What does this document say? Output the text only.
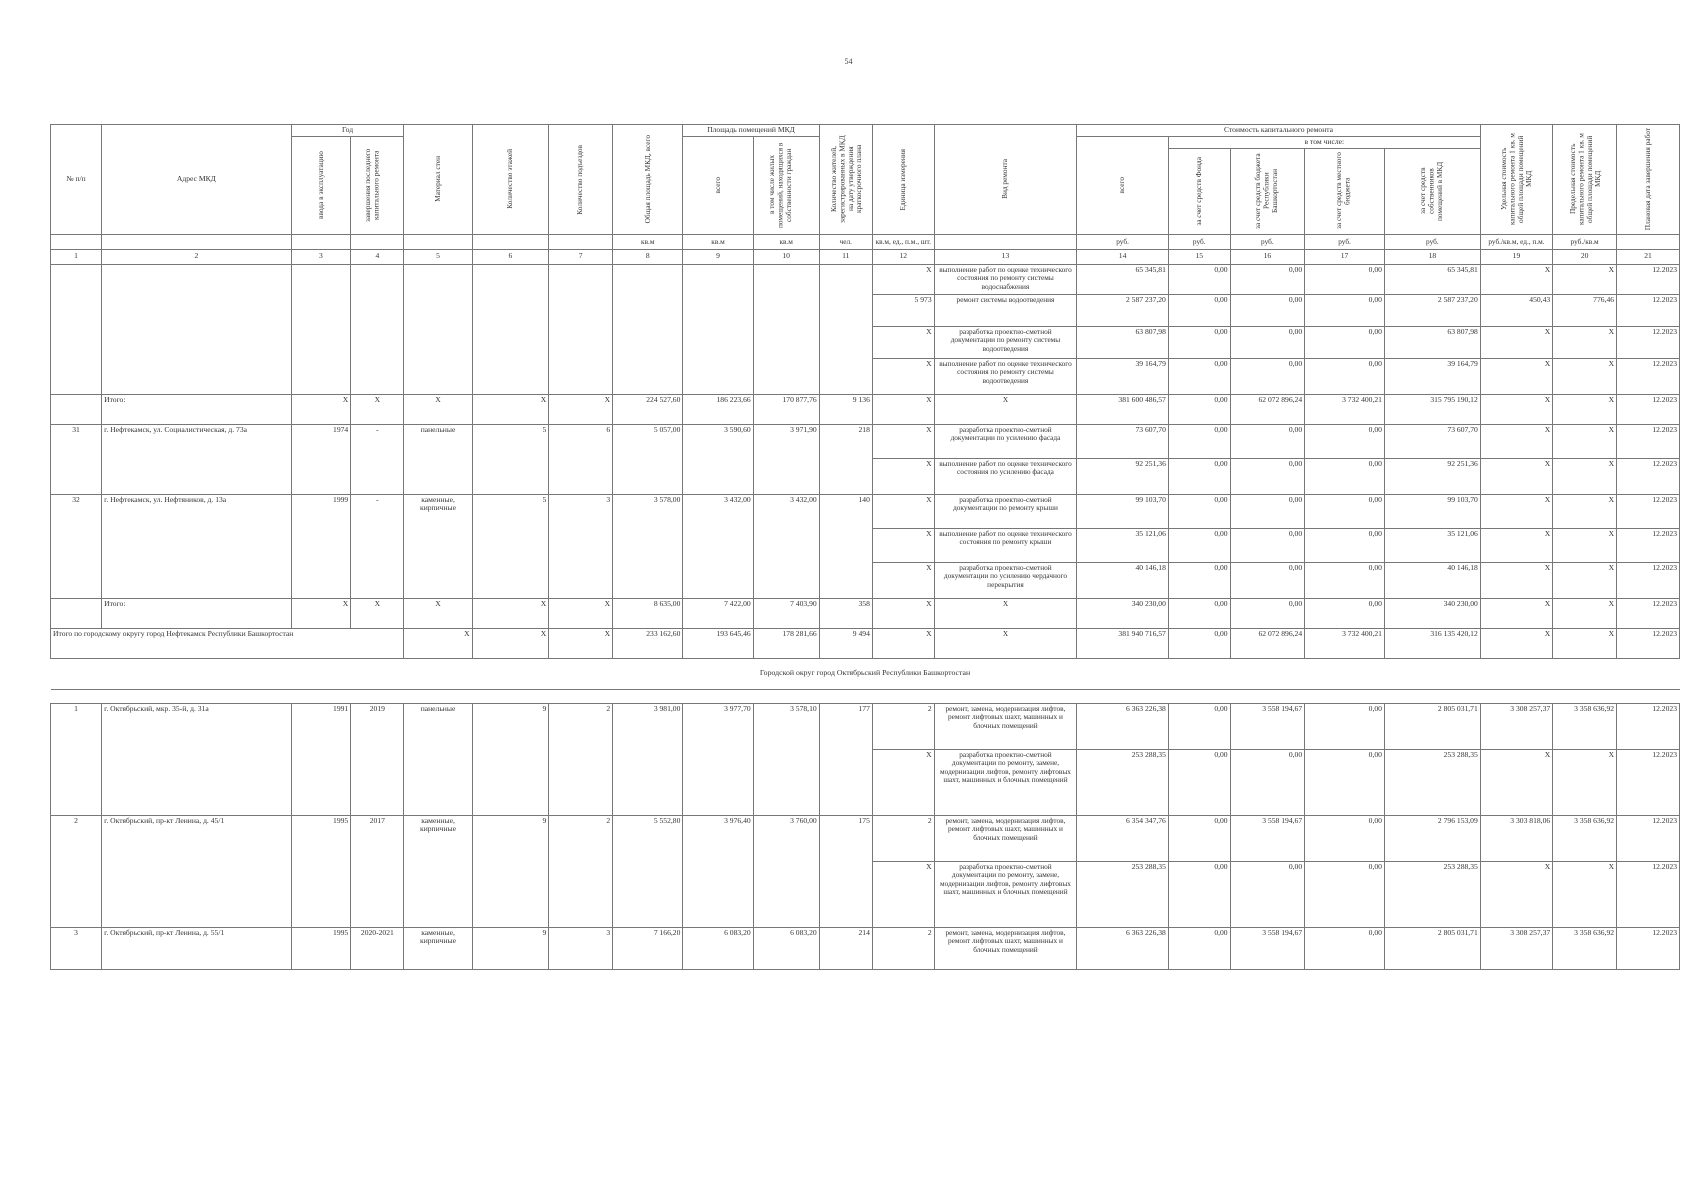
54
№ п/п	Адрес МКД	Год		Материал стен	Количество этажей	Количество подъездов	Общая площадь МКД, всего	Площадь помещений МКД		Количество жителей, зарегистрированных в МКД на дату утверждения краткосрочного плана	Единица измерения	Вид ремонта	Стоимость капитального ремонта					Удельная стоимость капитального ремонта 1 кв. м общей площади помещений МКД	Предельная стоимость капитального ремонта 1 кв. м общей площади помещений МКД	Плановая дата завершения работ

		ввода в эксплуатацию	завершения последнего капитального ремонта					всего	в том числе жилых помещений, находящихся в собственности граждан				всего	в том числе:						

														за счет средств Фонда	за счет средств бюджета Республики Башкортостан	за счет средств местного бюджета	за счет средств собственников помещений в МКД			

							кв.м	кв.м	кв.м	чел.	кв.м, ед., п.м., шт.		руб.	руб.	руб.	руб.	руб.	руб./кв.м, ед., п.м.	руб./кв.м	
1	2	3	4	5	6	7	8	9	10	11	12	13	14	15	16	17	18	19	20	21
											X	выполнение работ по оценке технического состояния по ремонту системы водоснабжения	65 345,81	0,00	0,00	0,00	65 345,81	X	X	12.2023
											5 973	ремонт системы водоотведения	2 587 237,20	0,00	0,00	0,00	2 587 237,20	450,43	776,46	12.2023
											X	разработка проектно-сметной документации по ремонту системы водоотведения	63 807,98	0,00	0,00	0,00	63 807,98	X	X	12.2023
											X	выполнение работ по оценке технического состояния по ремонту системы водоотведения	39 164,79	0,00	0,00	0,00	39 164,79	X	X	12.2023
	Итого:	X	X	X	X	X	224 527,60	186 223,66	170 877,76	9 136	X	X	381 600 486,57	0,00	62 072 896,24	3 732 400,21	315 795 190,12	X	X	12.2023
31	г. Нефтекамск, ул. Социалистическая, д. 73а	1974	-	панельные	5	6	5 057,00	3 590,60	3 971,90	218	X	разработка проектно-сметной документации по усилению фасада	73 607,70	0,00	0,00	0,00	73 607,70	X	X	12.2023
											X	выполнение работ по оценке технического состояния по усилению фасада	92 251,36	0,00	0,00	0,00	92 251,36	X	X	12.2023
32	г. Нефтекамск, ул. Нефтяников, д. 13а	1999	-	каменные, кирпичные	5	3	3 578,00	3 432,00	3 432,00	140	X	разработка проектно-сметной документации по ремонту крыши	99 103,70	0,00	0,00	0,00	99 103,70	X	X	12.2023
											X	выполнение работ по оценке технического состояния по ремонту крыши	35 121,06	0,00	0,00	0,00	35 121,06	X	X	12.2023
											X	разработка проектно-сметной документации по усилению чердачного перекрытия	40 146,18	0,00	0,00	0,00	40 146,18	X	X	12.2023
	Итого:	X	X	X	X	X	8 635,00	7 422,00	7 403,90	358	X	X	340 230,00	0,00	0,00	0,00	340 230,00	X	X	12.2023
Итого по городскому округу город Нефтекамск Республики Башкортостан				X	X	X	233 162,60	193 645,46	178 281,66	9 494	X	X	381 940 716,57	0,00	62 072 896,24	3 732 400,21	316 135 420,12	X	X	12.2023
Городской округ город Октябрьский Республики Башкортостан																				

1	г. Октябрьский, мкр. 35-й, д. 31а	1991	2019	панельные	9	2	3 981,00	3 977,70	3 578,10	177	2	ремонт, замена, модернизация лифтов, ремонт лифтовых шахт, машинных и блочных помещений	6 363 226,38	0,00	3 558 194,67	0,00	2 805 031,71	3 308 257,37	3 358 636,92	12.2023
											X	разработка проектно-сметной документации по ремонту, замене, модернизации лифтов, ремонту лифтовых шахт, машинных и блочных помещений	253 288,35	0,00	0,00	0,00	253 288,35	X	X	12.2023
2	г. Октябрьский, пр-кт Ленина, д. 45/1	1995	2017	каменные, кирпичные	9	2	5 552,80	3 976,40	3 760,00	175	2	ремонт, замена, модернизация лифтов, ремонт лифтовых шахт, машинных и блочных помещений	6 354 347,76	0,00	3 558 194,67	0,00	2 796 153,09	3 303 818,06	3 358 636,92	12.2023
											X	разработка проектно-сметной документации по ремонту, замене, модернизации лифтов, ремонту лифтовых шахт, машинных и блочных помещений	253 288,35	0,00	0,00	0,00	253 288,35	X	X	12.2023
3	г. Октябрьский, пр-кт Ленина, д. 55/1	1995	2020-2021	каменные, кирпичные	9	3	7 166,20	6 083,20	6 083,20	214	2	ремонт, замена, модернизация лифтов, ремонт лифтовых шахт, машинных и блочных помещений	6 363 226,38	0,00	3 558 194,67	0,00	2 805 031,71	3 308 257,37	3 358 636,92	12.2023
